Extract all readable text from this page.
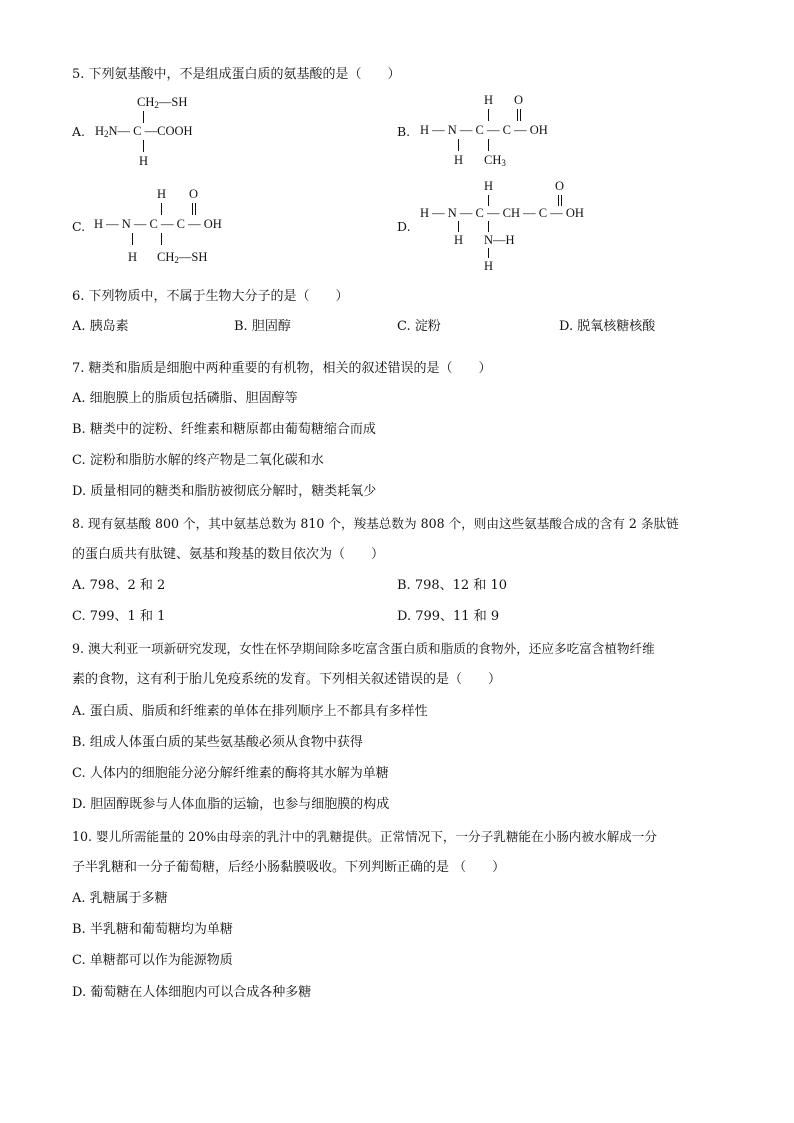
5. 下列氨基酸中，不是组成蛋白质的氨基酸的是（　　）
A.
$CH_2—SH$
$H_2N—$ C —COOH
H
B.
H O
H — N — C — C — OH
H $CH_3$
C.
H O
H — N — C — C — OH
H $CH_2—SH$
D.
H	O
H — N — C — CH — C — OH
H N—H
H
6. 下列物质中，不属于生物大分子的是（　　）
A. 胰岛素	B. 胆固醇	C. 淀粉	D. 脱氧核糖核酸
7. 糖类和脂质是细胞中两种重要的有机物，相关的叙述错误的是（　　）
A. 细胞膜上的脂质包括磷脂、胆固醇等
B. 糖类中的淀粉、纤维素和糖原都由葡萄糖缩合而成
C. 淀粉和脂肪水解的终产物是二氧化碳和水
D. 质量相同的糖类和脂肪被彻底分解时，糖类耗氧少
8. 现有氨基酸 800 个，其中氨基总数为 810 个，羧基总数为 808 个，则由这些氨基酸合成的含有 2 条肽链
的蛋白质共有肽键、氨基和羧基的数目依次为（　　）
A. 798、2 和 2	B. 798、12 和 10
C. 799、1 和 1	D. 799、11 和 9
9. 澳大利亚一项新研究发现，女性在怀孕期间除多吃富含蛋白质和脂质的食物外，还应多吃富含植物纤维
素的食物，这有利于胎儿免疫系统的发育。下列相关叙述错误的是（　　）
A. 蛋白质、脂质和纤维素的单体在排列顺序上不都具有多样性
B. 组成人体蛋白质的某些氨基酸必须从食物中获得
C. 人体内的细胞能分泌分解纤维素的酶将其水解为单糖
D. 胆固醇既参与人体血脂的运输，也参与细胞膜的构成
10. 婴儿所需能量的 20%由母亲的乳汁中的乳糖提供。正常情况下，一分子乳糖能在小肠内被水解成一分
子半乳糖和一分子葡萄糖，后经小肠黏膜吸收。下列判断正确的是 （　　）
A. 乳糖属于多糖
B. 半乳糖和葡萄糖均为单糖
C. 单糖都可以作为能源物质
D. 葡萄糖在人体细胞内可以合成各种多糖
